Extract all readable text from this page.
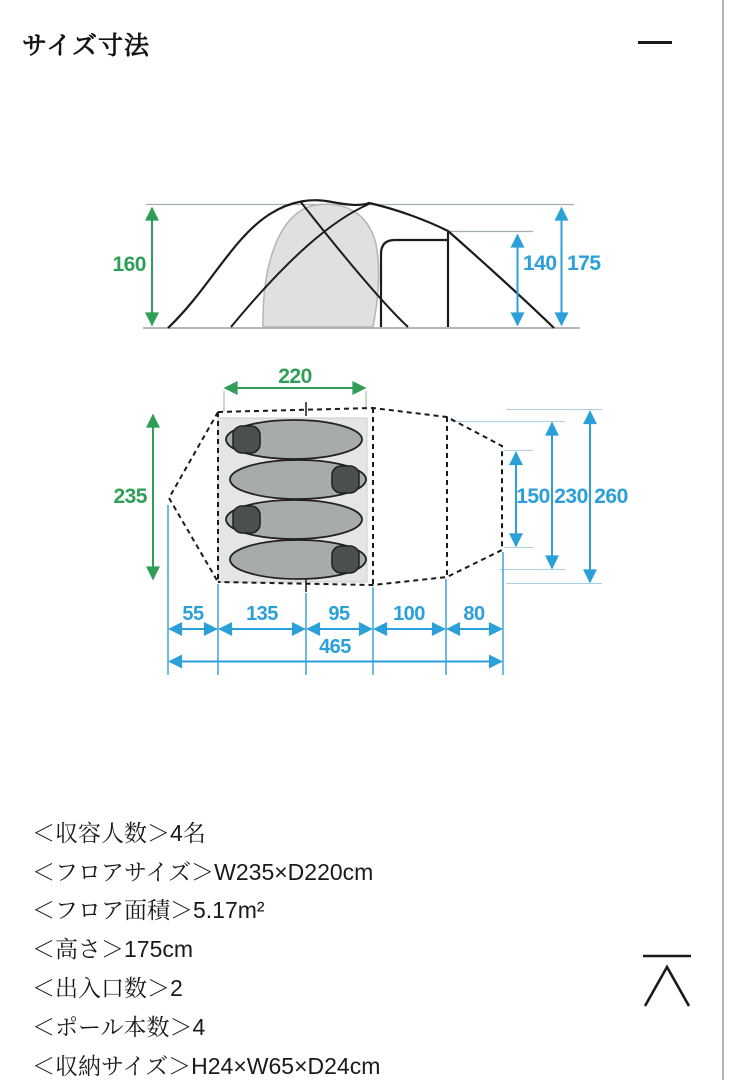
サイズ寸法
160	140 175
220
235	150 230 260
55 135	95 100 80
465
＜収容人数＞4名
＜フロアサイズ＞W235×D220cm
＜フロア面積＞5.17m²
＜高さ＞175cm
＜出入口数＞2
＜ポール本数＞4
＜収納サイズ＞H24×W65×D24cm
